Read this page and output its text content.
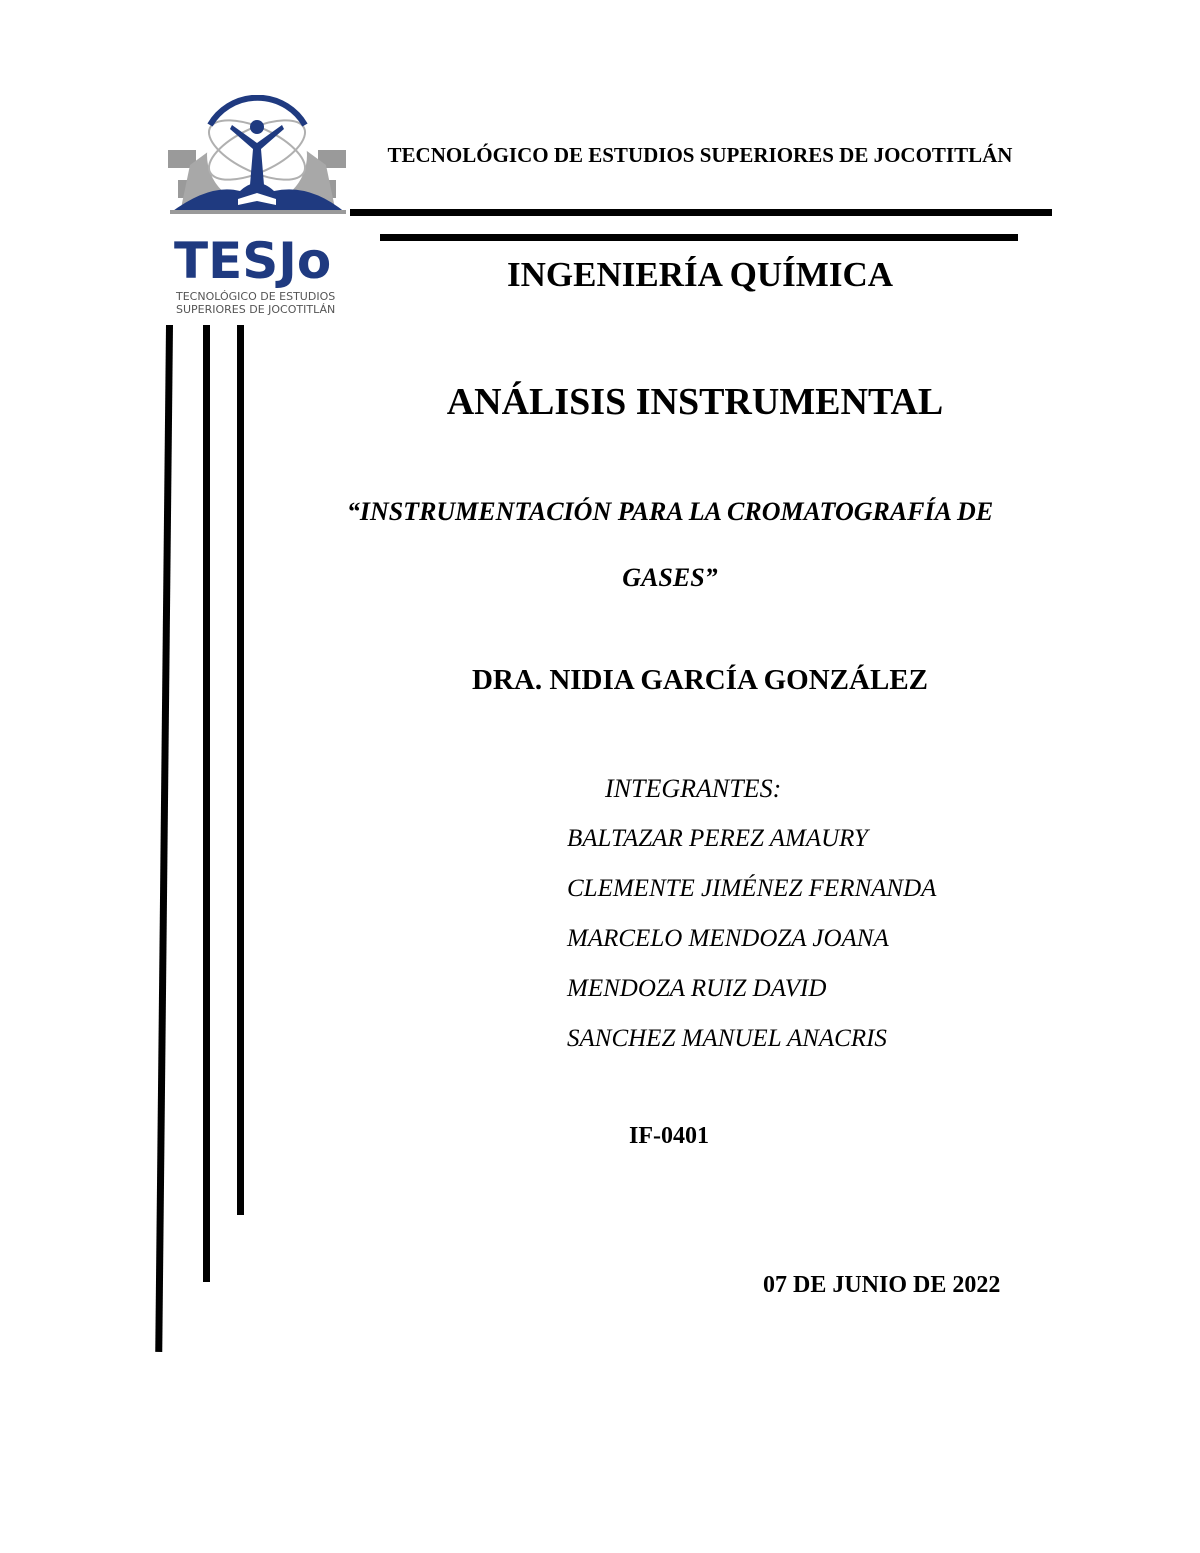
TESJo
TECNOLÓGICO DE ESTUDIOS
SUPERIORES DE JOCOTITLÁN
TECNOLÓGICO DE ESTUDIOS SUPERIORES DE JOCOTITLÁN
INGENIERÍA QUÍMICA
ANÁLISIS INSTRUMENTAL
“INSTRUMENTACIÓN PARA LA CROMATOGRAFÍA DE
GASES”
DRA. NIDIA GARCÍA GONZÁLEZ
INTEGRANTES:
BALTAZAR PEREZ AMAURY
CLEMENTE JIMÉNEZ FERNANDA
MARCELO MENDOZA JOANA
MENDOZA RUIZ DAVID
SANCHEZ MANUEL ANACRIS
IF-0401
07 DE JUNIO DE 2022
